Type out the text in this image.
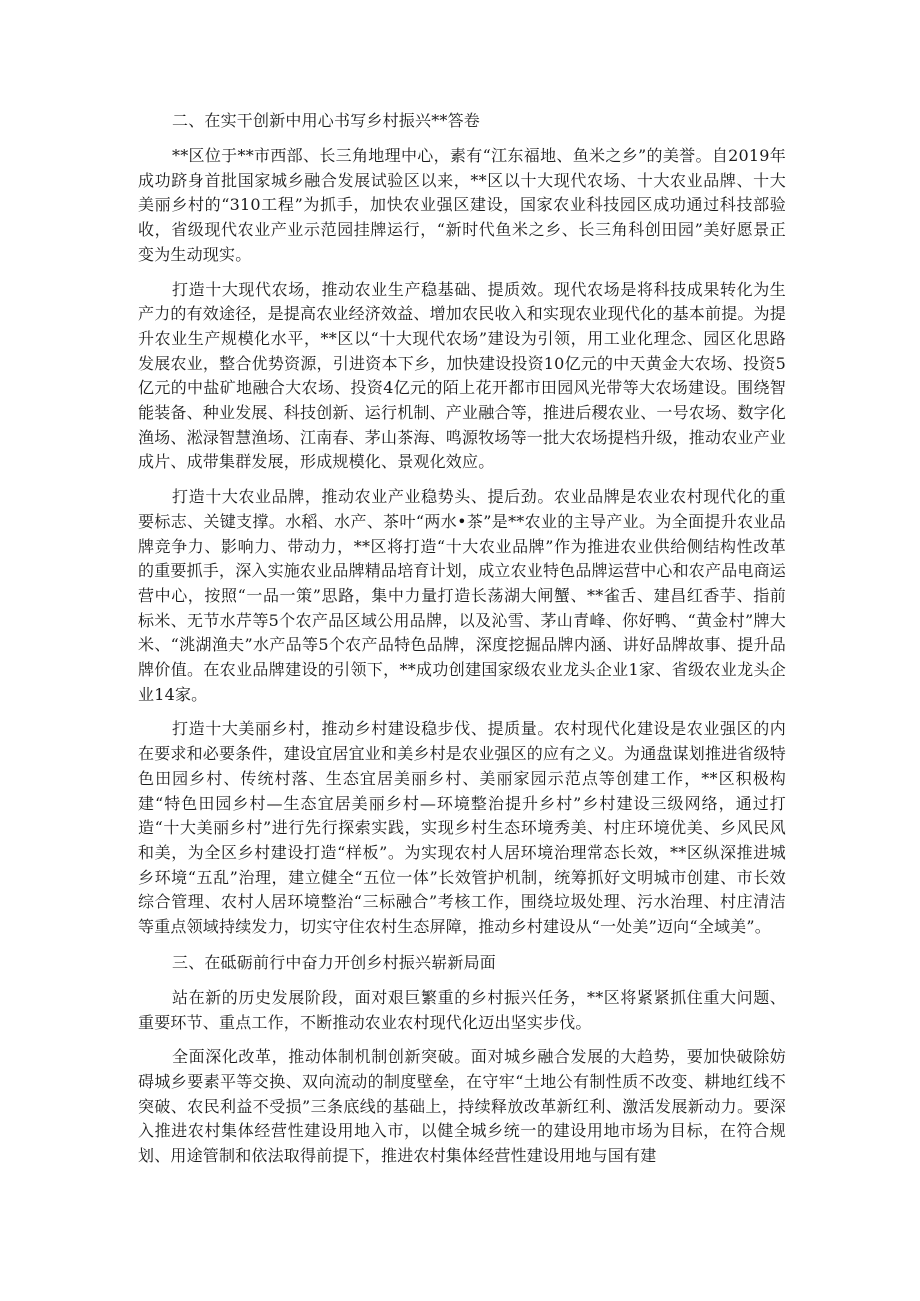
二、在实干创新中用心书写乡村振兴**答卷

**区位于**市西部、长三角地理中心，素有“江东福地、鱼米之乡”的美誉。自2019年成功跻身首批国家城乡融合发展试验区以来，**区以十大现代农场、十大农业品牌、十大美丽乡村的“310工程”为抓手，加快农业强区建设，国家农业科技园区成功通过科技部验收，省级现代农业产业示范园挂牌运行，“新时代鱼米之乡、长三角科创田园”美好愿景正变为生动现实。

打造十大现代农场，推动农业生产稳基础、提质效。现代农场是将科技成果转化为生产力的有效途径，是提高农业经济效益、增加农民收入和实现农业现代化的基本前提。为提升农业生产规模化水平，**区以“十大现代农场”建设为引领，用工业化理念、园区化思路发展农业，整合优势资源，引进资本下乡，加快建设投资10亿元的中天黄金大农场、投资5亿元的中盐矿地融合大农场、投资4亿元的陌上花开都市田园风光带等大农场建设。围绕智能装备、种业发展、科技创新、运行机制、产业融合等，推进后稷农业、一号农场、数字化渔场、淞渌智慧渔场、江南春、茅山茶海、鸣源牧场等一批大农场提档升级，推动农业产业成片、成带集群发展，形成规模化、景观化效应。

打造十大农业品牌，推动农业产业稳势头、提后劲。农业品牌是农业农村现代化的重要标志、关键支撑。水稻、水产、茶叶“两水•茶”是**农业的主导产业。为全面提升农业品牌竞争力、影响力、带动力，**区将打造“十大农业品牌”作为推进农业供给侧结构性改革的重要抓手，深入实施农业品牌精品培育计划，成立农业特色品牌运营中心和农产品电商运营中心，按照“一品一策”思路，集中力量打造长荡湖大闸蟹、**雀舌、建昌红香芋、指前标米、无节水芹等5个农产品区域公用品牌，以及沁雪、茅山青峰、你好鸭、“黄金村”牌大米、“洮湖渔夫”水产品等5个农产品特色品牌，深度挖掘品牌内涵、讲好品牌故事、提升品牌价值。在农业品牌建设的引领下，**成功创建国家级农业龙头企业1家、省级农业龙头企业14家。

打造十大美丽乡村，推动乡村建设稳步伐、提质量。农村现代化建设是农业强区的内在要求和必要条件，建设宜居宜业和美乡村是农业强区的应有之义。为通盘谋划推进省级特色田园乡村、传统村落、生态宜居美丽乡村、美丽家园示范点等创建工作，**区积极构建“特色田园乡村—生态宜居美丽乡村—环境整治提升乡村”乡村建设三级网络，通过打造“十大美丽乡村”进行先行探索实践，实现乡村生态环境秀美、村庄环境优美、乡风民风和美，为全区乡村建设打造“样板”。为实现农村人居环境治理常态长效，**区纵深推进城乡环境“五乱”治理，建立健全“五位一体”长效管护机制，统筹抓好文明城市创建、市长效综合管理、农村人居环境整治“三标融合”考核工作，围绕垃圾处理、污水治理、村庄清洁等重点领域持续发力，切实守住农村生态屏障，推动乡村建设从“一处美”迈向“全域美”。

三、在砥砺前行中奋力开创乡村振兴崭新局面

站在新的历史发展阶段，面对艰巨繁重的乡村振兴任务，**区将紧紧抓住重大问题、重要环节、重点工作，不断推动农业农村现代化迈出坚实步伐。

全面深化改革，推动体制机制创新突破。面对城乡融合发展的大趋势，要加快破除妨碍城乡要素平等交换、双向流动的制度壁垒，在守牢“土地公有制性质不改变、耕地红线不突破、农民利益不受损”三条底线的基础上，持续释放改革新红利、激活发展新动力。要深入推进农村集体经营性建设用地入市，以健全城乡统一的建设用地市场为目标，在符合规划、用途管制和依法取得前提下，推进农村集体经营性建设用地与国有建
